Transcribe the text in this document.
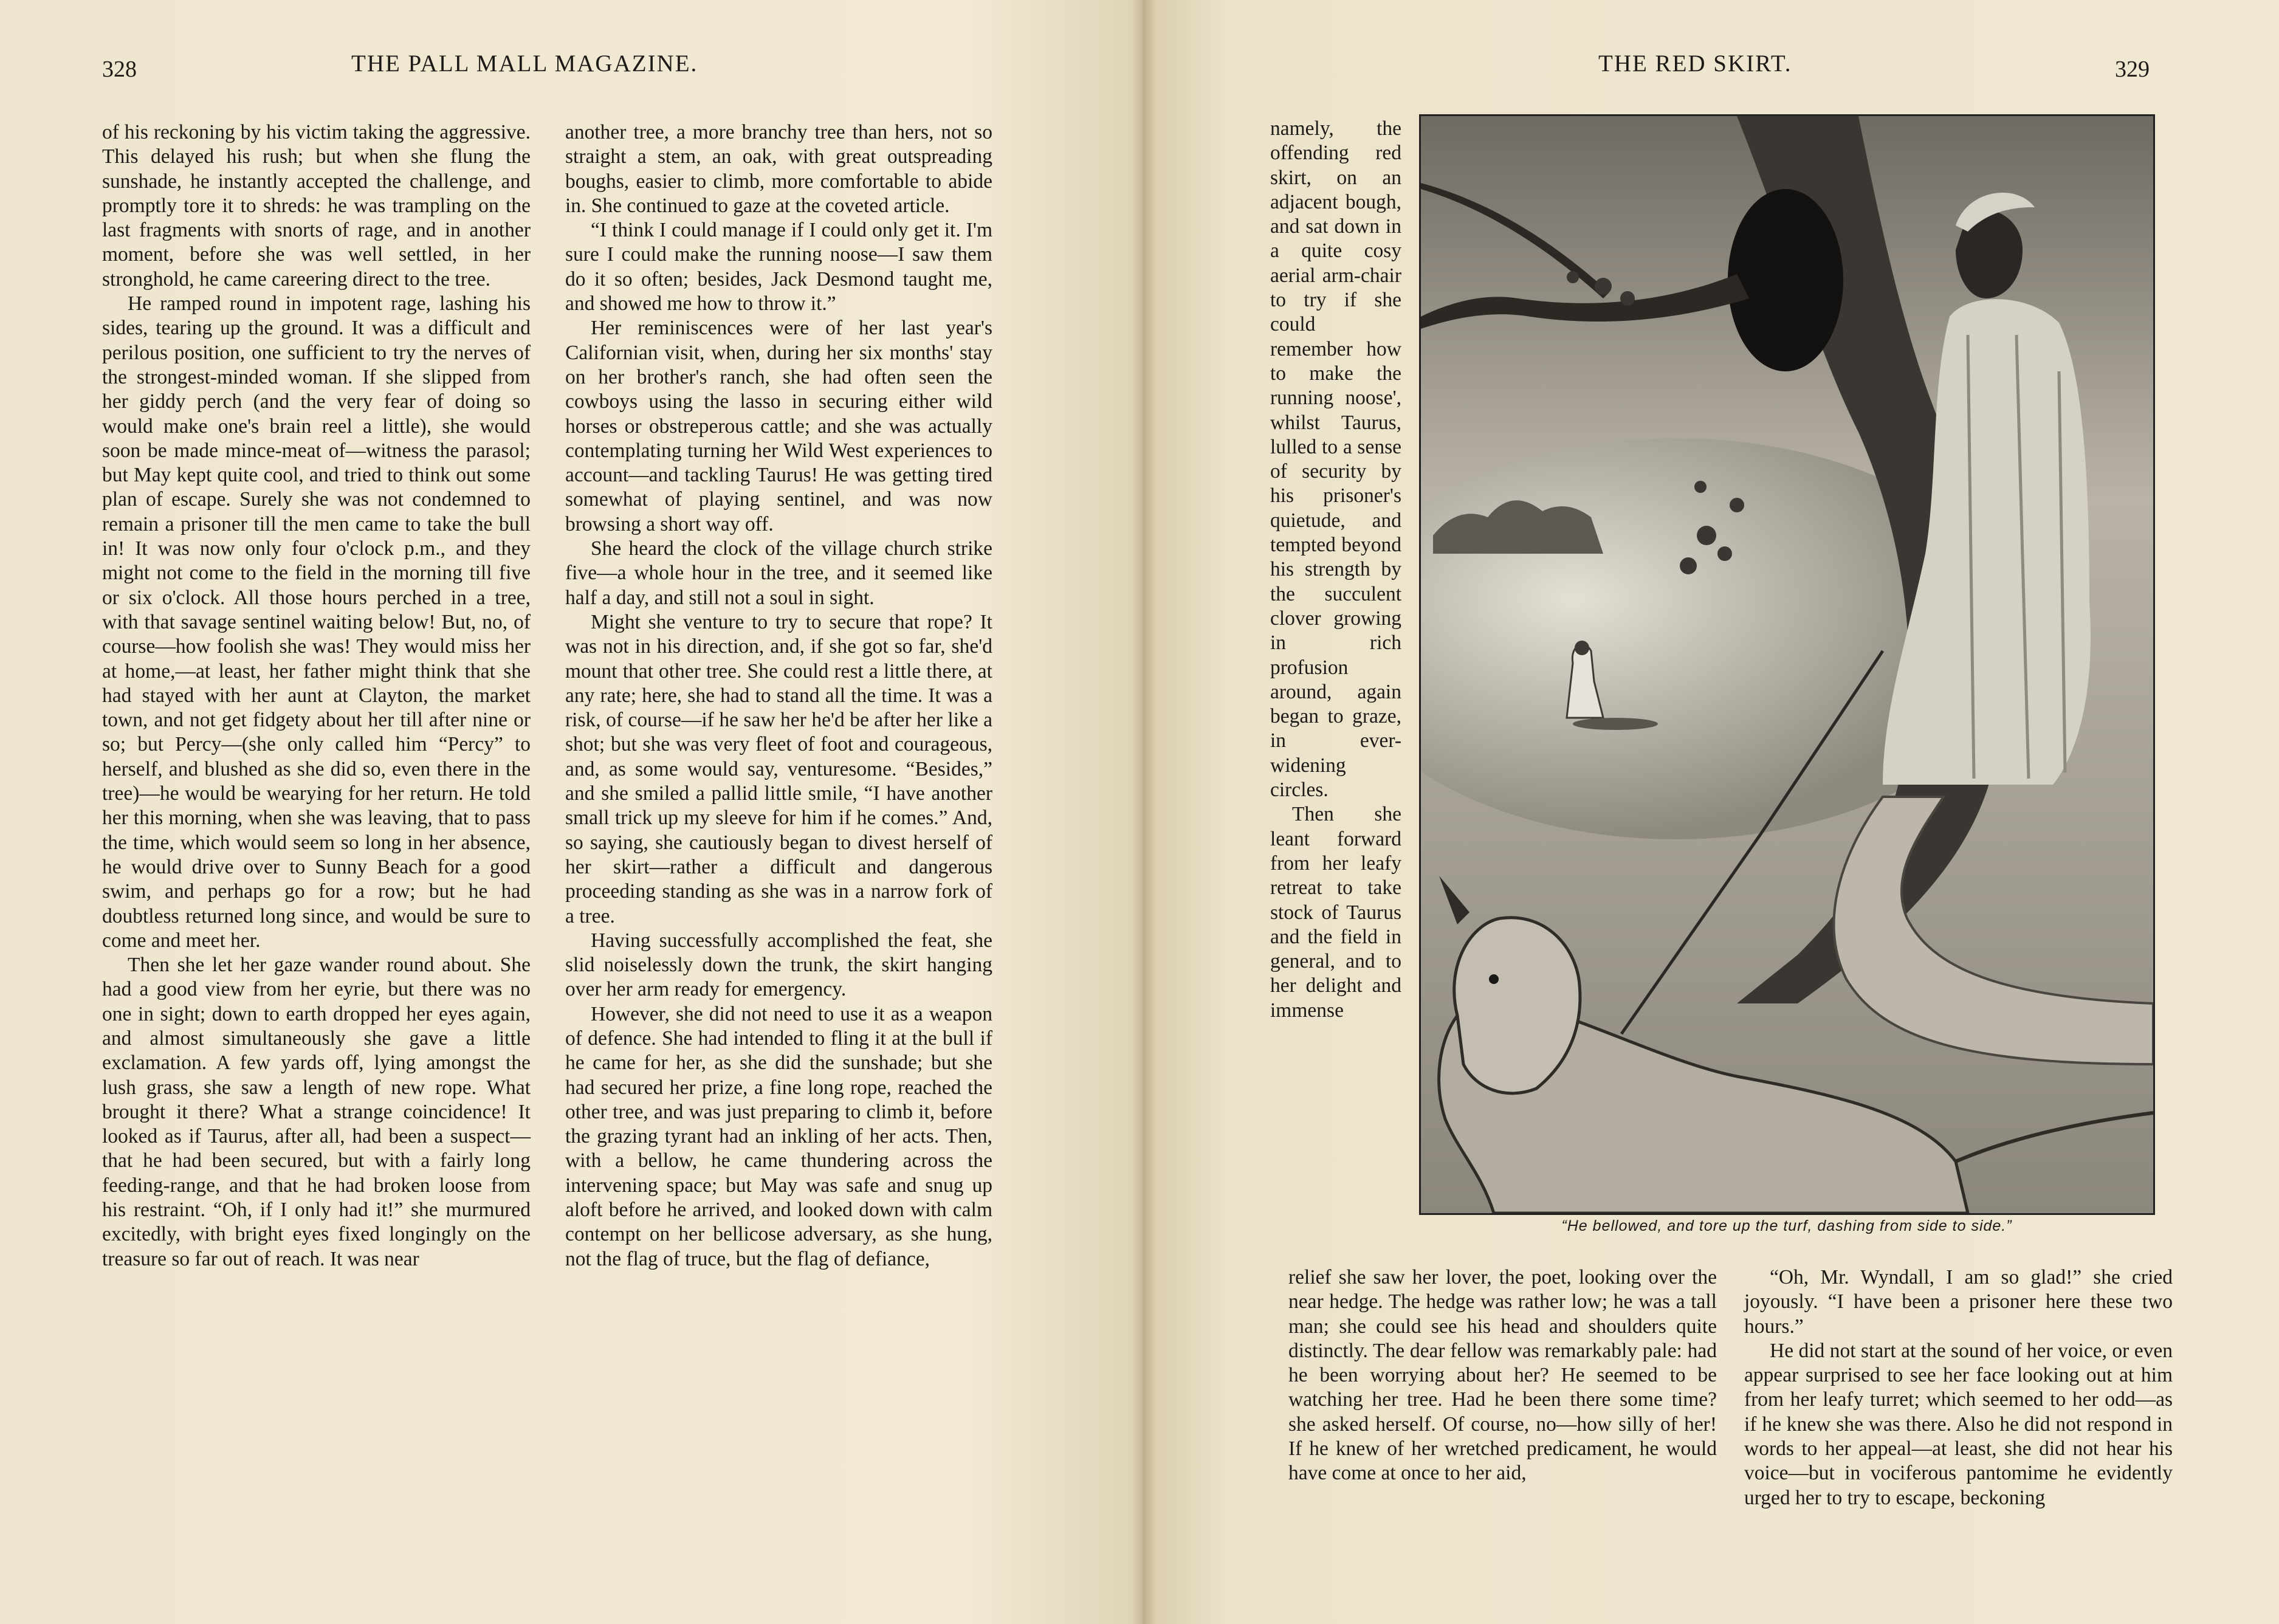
328	THE PALL MALL MAGAZINE.

of his reckoning by his victim taking the aggressive. This delayed his rush; but when she flung the sunshade, he instantly accepted the challenge, and promptly tore it to shreds: he was trampling on the last fragments with snorts of rage, and in another moment, before she was well settled, in her stronghold, he came careering direct to the tree.

He ramped round in impotent rage, lashing his sides, tearing up the ground. It was a difficult and perilous position, one sufficient to try the nerves of the strongest-minded woman. If she slipped from her giddy perch (and the very fear of doing so would make one's brain reel a little), she would soon be made mince-meat of—witness the parasol; but May kept quite cool, and tried to think out some plan of escape. Surely she was not condemned to remain a prisoner till the men came to take the bull in! It was now only four o'clock p.m., and they might not come to the field in the morning till five or six o'clock. All those hours perched in a tree, with that savage sentinel waiting below! But, no, of course—how foolish she was! They would miss her at home,—at least, her father might think that she had stayed with her aunt at Clayton, the market town, and not get fidgety about her till after nine or so; but Percy—(she only called him “Percy” to herself, and blushed as she did so, even there in the tree)—he would be wearying for her return. He told her this morning, when she was leaving, that to pass the time, which would seem so long in her absence, he would drive over to Sunny Beach for a good swim, and perhaps go for a row; but he had doubtless returned long since, and would be sure to come and meet her.

Then she let her gaze wander round about. She had a good view from her eyrie, but there was no one in sight; down to earth dropped her eyes again, and almost simultaneously she gave a little exclamation. A few yards off, lying amongst the lush grass, she saw a length of new rope. What brought it there? What a strange coincidence! It looked as if Taurus, after all, had been a suspect—that he had been secured, but with a fairly long feeding-range, and that he had broken loose from his restraint. “Oh, if I only had it!” she murmured excitedly, with bright eyes fixed longingly on the treasure so far out of reach. It was near

another tree, a more branchy tree than hers, not so straight a stem, an oak, with great outspreading boughs, easier to climb, more comfortable to abide in. She continued to gaze at the coveted article.

“I think I could manage if I could only get it. I'm sure I could make the running noose—I saw them do it so often; besides, Jack Desmond taught me, and showed me how to throw it.”

Her reminiscences were of her last year's Californian visit, when, during her six months' stay on her brother's ranch, she had often seen the cowboys using the lasso in securing either wild horses or obstreperous cattle; and she was actually contemplating turning her Wild West experiences to account—and tackling Taurus! He was getting tired somewhat of playing sentinel, and was now browsing a short way off.

She heard the clock of the village church strike five—a whole hour in the tree, and it seemed like half a day, and still not a soul in sight.

Might she venture to try to secure that rope? It was not in his direction, and, if she got so far, she'd mount that other tree. She could rest a little there, at any rate; here, she had to stand all the time. It was a risk, of course—if he saw her he'd be after her like a shot; but she was very fleet of foot and courageous, and, as some would say, venturesome. “Besides,” and she smiled a pallid little smile, “I have another small trick up my sleeve for him if he comes.” And, so saying, she cautiously began to divest herself of her skirt—rather a difficult and dangerous proceeding standing as she was in a narrow fork of a tree.

Having successfully accomplished the feat, she slid noiselessly down the trunk, the skirt hanging over her arm ready for emergency.

However, she did not need to use it as a weapon of defence. She had intended to fling it at the bull if he came for her, as she did the sunshade; but she had secured her prize, a fine long rope, reached the other tree, and was just preparing to climb it, before the grazing tyrant had an inkling of her acts. Then, with a bellow, he came thundering across the intervening space; but May was safe and snug up aloft before he arrived, and looked down with calm contempt on her bellicose adversary, as she hung, not the flag of truce, but the flag of defiance,

THE RED SKIRT.	329

namely, the offending red skirt, on an adjacent bough, and sat down in a quite cosy aerial arm-chair to try if she could remember how to make the running noose', whilst Taurus, lulled to a sense of security by his prisoner's quietude, and tempted beyond his strength by the succulent clover growing in rich profusion around, again began to graze, in ever-widening circles.

Then she leant forward from her leafy retreat to take stock of Taurus and the field in general, and to her delight and immense

“He bellowed, and tore up the turf, dashing from side to side.”

relief she saw her lover, the poet, looking over the near hedge. The hedge was rather low; he was a tall man; she could see his head and shoulders quite distinctly. The dear fellow was remarkably pale: had he been worrying about her? He seemed to be watching her tree. Had he been there some time? she asked herself. Of course, no—how silly of her! If he knew of her wretched predicament, he would have come at once to her aid,

“Oh, Mr. Wyndall, I am so glad!” she cried joyously. “I have been a prisoner here these two hours.”

He did not start at the sound of her voice, or even appear surprised to see her face looking out at him from her leafy turret; which seemed to her odd—as if he knew she was there. Also he did not respond in words to her appeal—at least, she did not hear his voice—but in vociferous pantomime he evidently urged her to try to escape, beckoning
